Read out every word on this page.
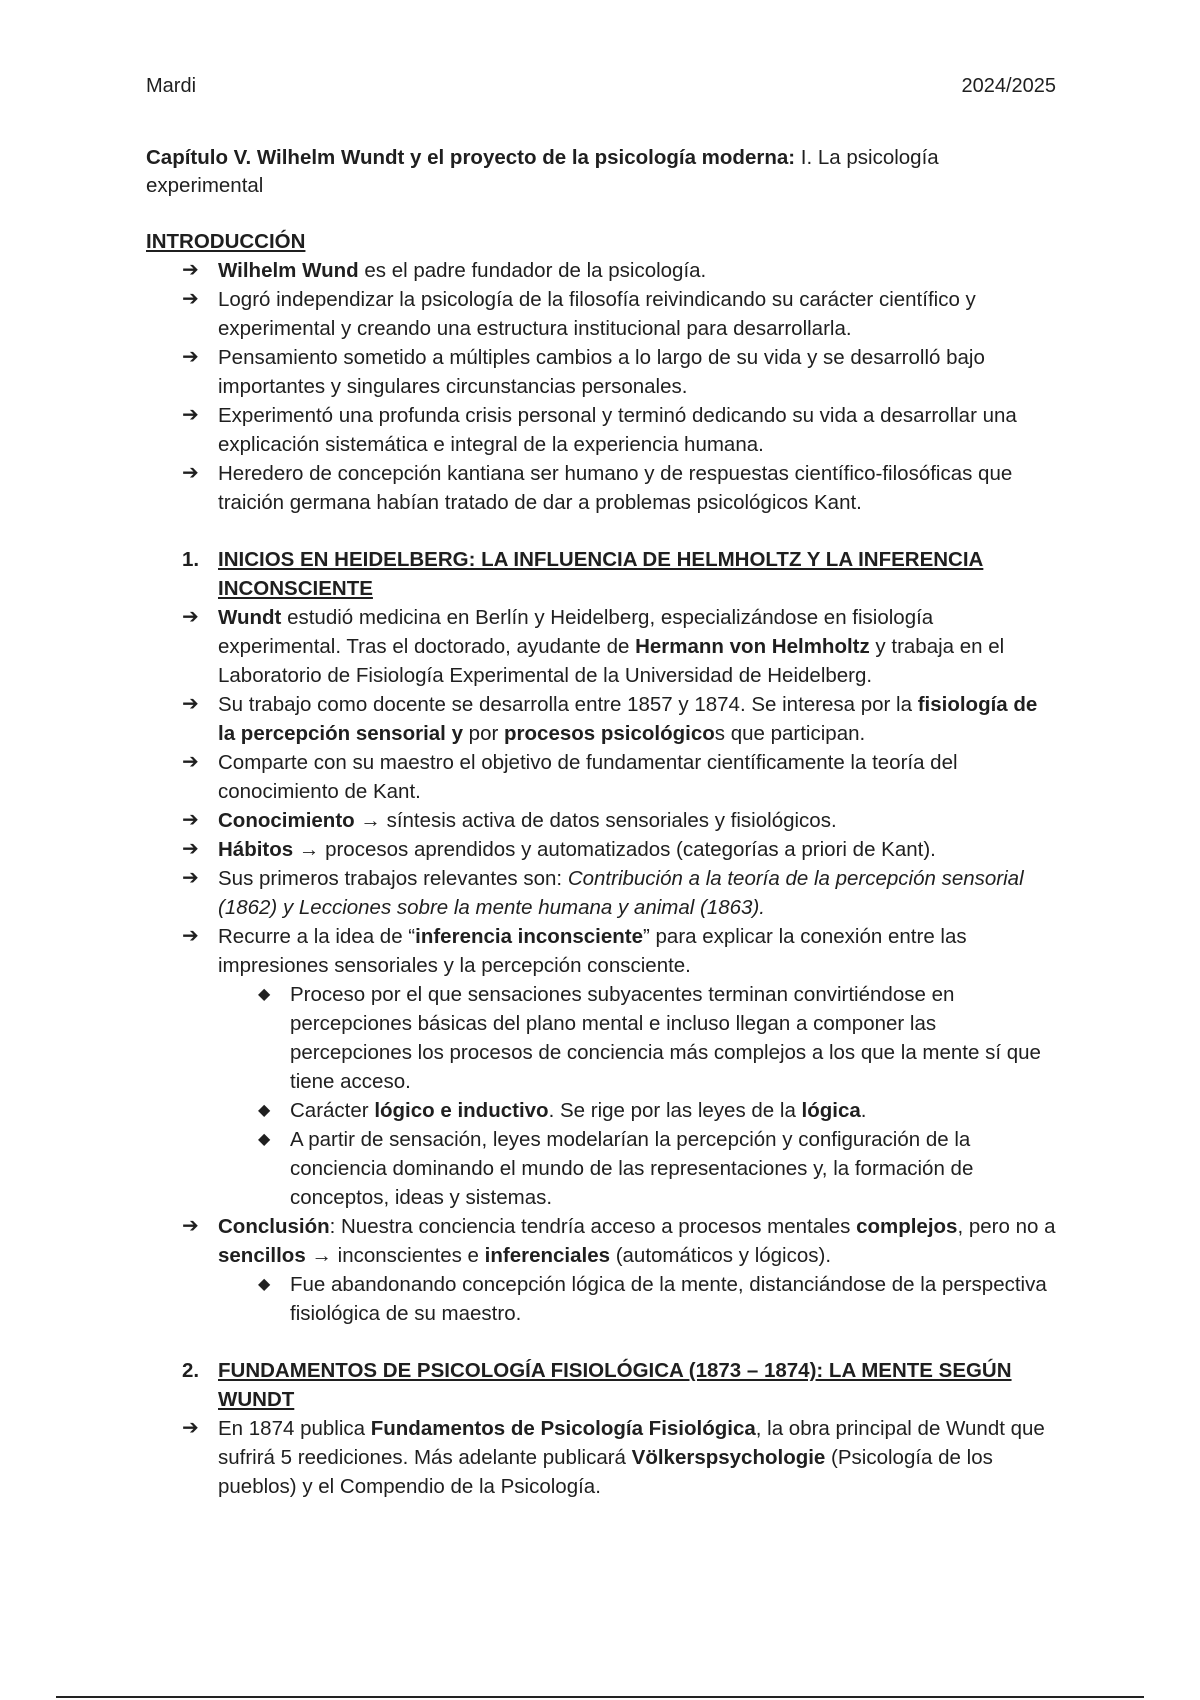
Mardi	2024/2025
Capítulo V. Wilhelm Wundt y el proyecto de la psicología moderna: I. La psicología experimental
INTRODUCCIÓN
➔ Wilhelm Wund es el padre fundador de la psicología.
➔ Logró independizar la psicología de la filosofía reivindicando su carácter científico y experimental y creando una estructura institucional para desarrollarla.
➔ Pensamiento sometido a múltiples cambios a lo largo de su vida y se desarrolló bajo importantes y singulares circunstancias personales.
➔ Experimentó una profunda crisis personal y terminó dedicando su vida a desarrollar una explicación sistemática e integral de la experiencia humana.
➔ Heredero de concepción kantiana ser humano y de respuestas científico-filosóficas que traición germana habían tratado de dar a problemas psicológicos Kant.
1. INICIOS EN HEIDELBERG: LA INFLUENCIA DE HELMHOLTZ Y LA INFERENCIA INCONSCIENTE
➔ Wundt estudió medicina en Berlín y Heidelberg, especializándose en fisiología experimental. Tras el doctorado, ayudante de Hermann von Helmholtz y trabaja en el Laboratorio de Fisiología Experimental de la Universidad de Heidelberg.
➔ Su trabajo como docente se desarrolla entre 1857 y 1874. Se interesa por la fisiología de la percepción sensorial y por procesos psicológicos que participan.
➔ Comparte con su maestro el objetivo de fundamentar científicamente la teoría del conocimiento de Kant.
➔ Conocimiento → síntesis activa de datos sensoriales y fisiológicos.
➔ Hábitos → procesos aprendidos y automatizados (categorías a priori de Kant).
➔ Sus primeros trabajos relevantes son: Contribución a la teoría de la percepción sensorial (1862) y Lecciones sobre la mente humana y animal (1863).
➔ Recurre a la idea de “inferencia inconsciente” para explicar la conexión entre las impresiones sensoriales y la percepción consciente.
◆ Proceso por el que sensaciones subyacentes terminan convirtiéndose en percepciones básicas del plano mental e incluso llegan a componer las percepciones los procesos de conciencia más complejos a los que la mente sí que tiene acceso.
◆ Carácter lógico e inductivo. Se rige por las leyes de la lógica.
◆ A partir de sensación, leyes modelarían la percepción y configuración de la conciencia dominando el mundo de las representaciones y, la formación de conceptos, ideas y sistemas.
➔ Conclusión: Nuestra conciencia tendría acceso a procesos mentales complejos, pero no a sencillos → inconscientes e inferenciales (automáticos y lógicos).
◆ Fue abandonando concepción lógica de la mente, distanciándose de la perspectiva fisiológica de su maestro.
2. FUNDAMENTOS DE PSICOLOGÍA FISIOLÓGICA (1873 – 1874): LA MENTE SEGÚN WUNDT
➔ En 1874 publica Fundamentos de Psicología Fisiológica, la obra principal de Wundt que sufrirá 5 reediciones. Más adelante publicará Völkerspsychologie (Psicología de los pueblos) y el Compendio de la Psicología.
